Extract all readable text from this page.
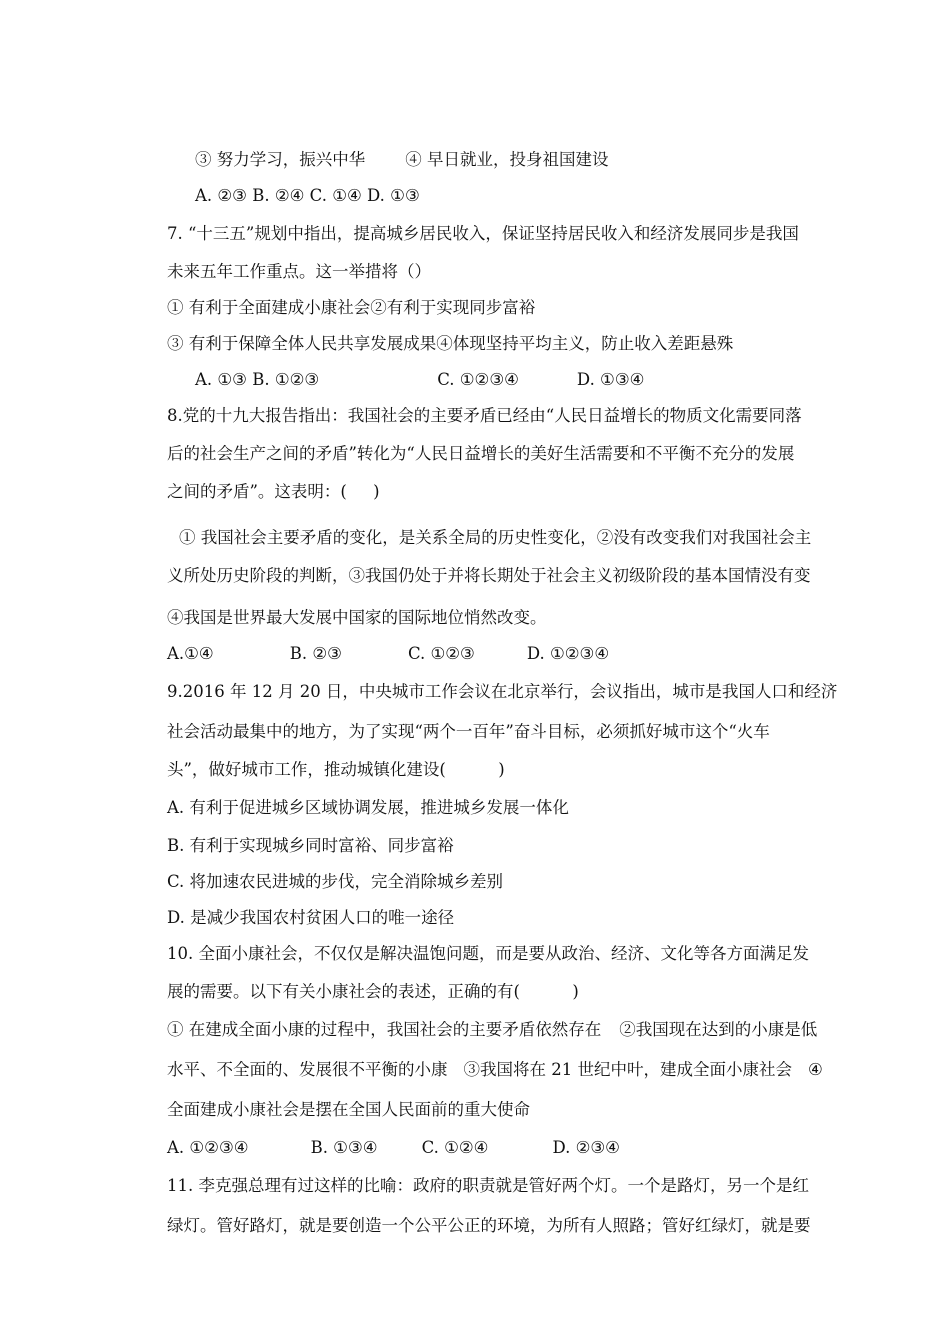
③ 努力学习，振兴中华 ④ 早日就业，投身祖国建设

A. ②③ B. ②④ C. ①④ D. ①③

7. “十三五”规划中指出，提高城乡居民收入，保证坚持居民收入和经济发展同步是我国

未来五年工作重点。这一举措将（）

① 有利于全面建成小康社会②有利于实现同步富裕

③ 有利于保障全体人民共享发展成果④体现坚持平均主义，防止收入差距悬殊

A. ①③ B. ①②③	C. ①②③④	D. ①③④

8.党的十九大报告指出：我国社会的主要矛盾已经由“人民日益增长的物质文化需要同落

后的社会生产之间的矛盾”转化为“人民日益增长的美好生活需要和不平衡不充分的发展

之间的矛盾”。这表明：(     )

① 我国社会主要矛盾的变化，是关系全局的历史性变化，②没有改变我们对我国社会主

义所处历史阶段的判断，③我国仍处于并将长期处于社会主义初级阶段的基本国情没有变

④我国是世界最大发展中国家的国际地位悄然改变。

A.①④	B. ②③	C. ①②③	D. ①②③④

9.2016 年 12 月 20 日，中央城市工作会议在北京举行，会议指出，城市是我国人口和经济

社会活动最集中的地方，为了实现“两个一百年”奋斗目标，必须抓好城市这个“火车

头”，做好城市工作，推动城镇化建设(          )

A. 有利于促进城乡区域协调发展，推进城乡发展一体化

B. 有利于实现城乡同时富裕、同步富裕

C. 将加速农民进城的步伐，完全消除城乡差别

D. 是减少我国农村贫困人口的唯一途径

10. 全面小康社会，不仅仅是解决温饱问题，而是要从政治、经济、文化等各方面满足发

展的需要。以下有关小康社会的表述，正确的有(          )

① 在建成全面小康的过程中，我国社会的主要矛盾依然存在 ②我国现在达到的小康是低

水平、不全面的、发展很不平衡的小康 ③我国将在 21 世纪中叶，建成全面小康社会 ④

全面建成小康社会是摆在全国人民面前的重大使命

A. ①②③④	B. ①③④	C. ①②④	D. ②③④

11. 李克强总理有过这样的比喻：政府的职责就是管好两个灯。一个是路灯，另一个是红

绿灯。管好路灯，就是要创造一个公平公正的环境，为所有人照路；管好红绿灯，就是要
